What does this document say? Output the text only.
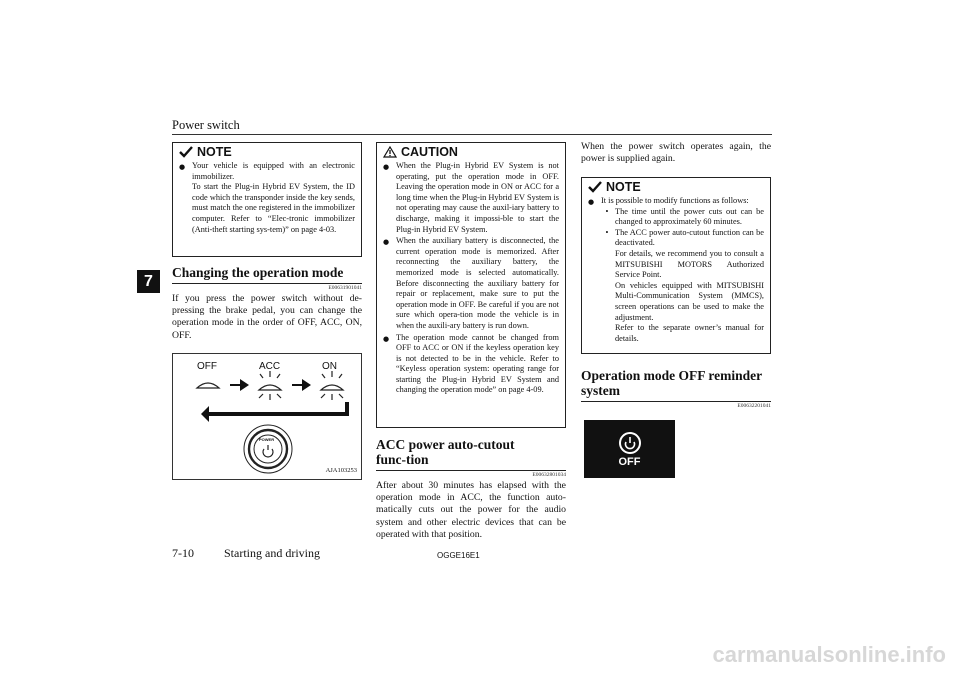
Power switch
7
NOTE
● Your vehicle is equipped with an electronic immobilizer.
To start the Plug-in Hybrid EV System, the ID code which the transponder inside the key sends, must match the one registered in the immobilizer computer. Refer to “Elec-tronic immobilizer (Anti-theft starting sys-tem)” on page 4-03.
Changing the operation mode
E00631901041
If you press the power switch without de-pressing the brake pedal, you can change the operation mode in the order of OFF, ACC, ON, OFF.
OFF	ACC	ON
POWER
AJA103253
CAUTION
● When the Plug-in Hybrid EV System is not operating, put the operation mode in OFF. Leaving the operation mode in ON or ACC for a long time when the Plug-in Hybrid EV System is not operating may cause the auxil-iary battery to discharge, making it impossi-ble to start the Plug-in Hybrid EV System.
● When the auxiliary battery is disconnected, the current operation mode is memorized. After reconnecting the auxiliary battery, the memorized mode is selected automatically. Before disconnecting the auxiliary battery for repair or replacement, make sure to put the operation mode in OFF. Be careful if you are not sure which opera-tion mode the vehicle is in when the auxili-ary battery is run down.
● The operation mode cannot be changed from OFF to ACC or ON if the keyless operation key is not detected to be in the vehicle. Refer to “Keyless operation system: operating range for starting the Plug-in Hybrid EV System and changing the operation mode” on page 4-09.
ACC power auto-cutout func-tion
E00632801034
After about 30 minutes has elapsed with the operation mode in ACC, the function auto-matically cuts out the power for the audio system and other electric devices that can be operated with that position.
When the power switch operates again, the power is supplied again.
NOTE
● It is possible to modify functions as follows:
• The time until the power cuts out can be changed to approximately 60 minutes.
• The ACC power auto-cutout function can be deactivated.
For details, we recommend you to consult a MITSUBISHI MOTORS Authorized Service Point.
On vehicles equipped with MITSUBISHI Multi-Communication System (MMCS), screen operations can be used to make the adjustment.
Refer to the separate owner’s manual for details.
Operation mode OFF reminder system
E00632201041
OFF
7-10	Starting and driving	OGGE16E1
carmanualsonline.info
